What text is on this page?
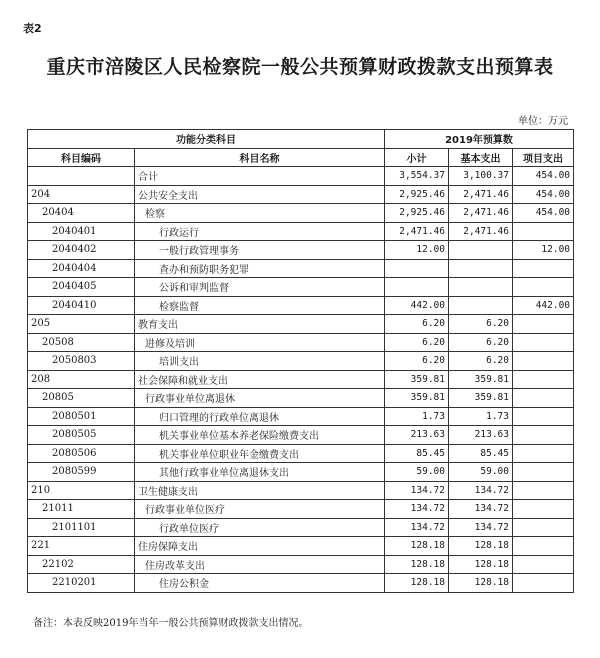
表2
重庆市涪陵区人民检察院一般公共预算财政拨款支出预算表
单位：万元
功能分类科目		2019年预算数		
科目编码	科目名称	小计	基本支出	项目支出
	合计	3,554.37	3,100.37	454.00
204	公共安全支出	2,925.46	2,471.46	454.00
20404	检察	2,925.46	2,471.46	454.00
2040401	行政运行	2,471.46	2,471.46	
2040402	一般行政管理事务	12.00		12.00
2040404	查办和预防职务犯罪			
2040405	公诉和审判监督			
2040410	检察监督	442.00		442.00
205	教育支出	6.20	6.20	
20508	进修及培训	6.20	6.20	
2050803	培训支出	6.20	6.20	
208	社会保障和就业支出	359.81	359.81	
20805	行政事业单位离退休	359.81	359.81	
2080501	归口管理的行政单位离退休	1.73	1.73	
2080505	机关事业单位基本养老保险缴费支出	213.63	213.63	
2080506	机关事业单位职业年金缴费支出	85.45	85.45	
2080599	其他行政事业单位离退休支出	59.00	59.00	
210	卫生健康支出	134.72	134.72	
21011	行政事业单位医疗	134.72	134.72	
2101101	行政单位医疗	134.72	134.72	
221	住房保障支出	128.18	128.18	
22102	住房改革支出	128.18	128.18	
2210201	住房公积金	128.18	128.18	
备注：本表反映2019年当年一般公共预算财政拨款支出情况。
